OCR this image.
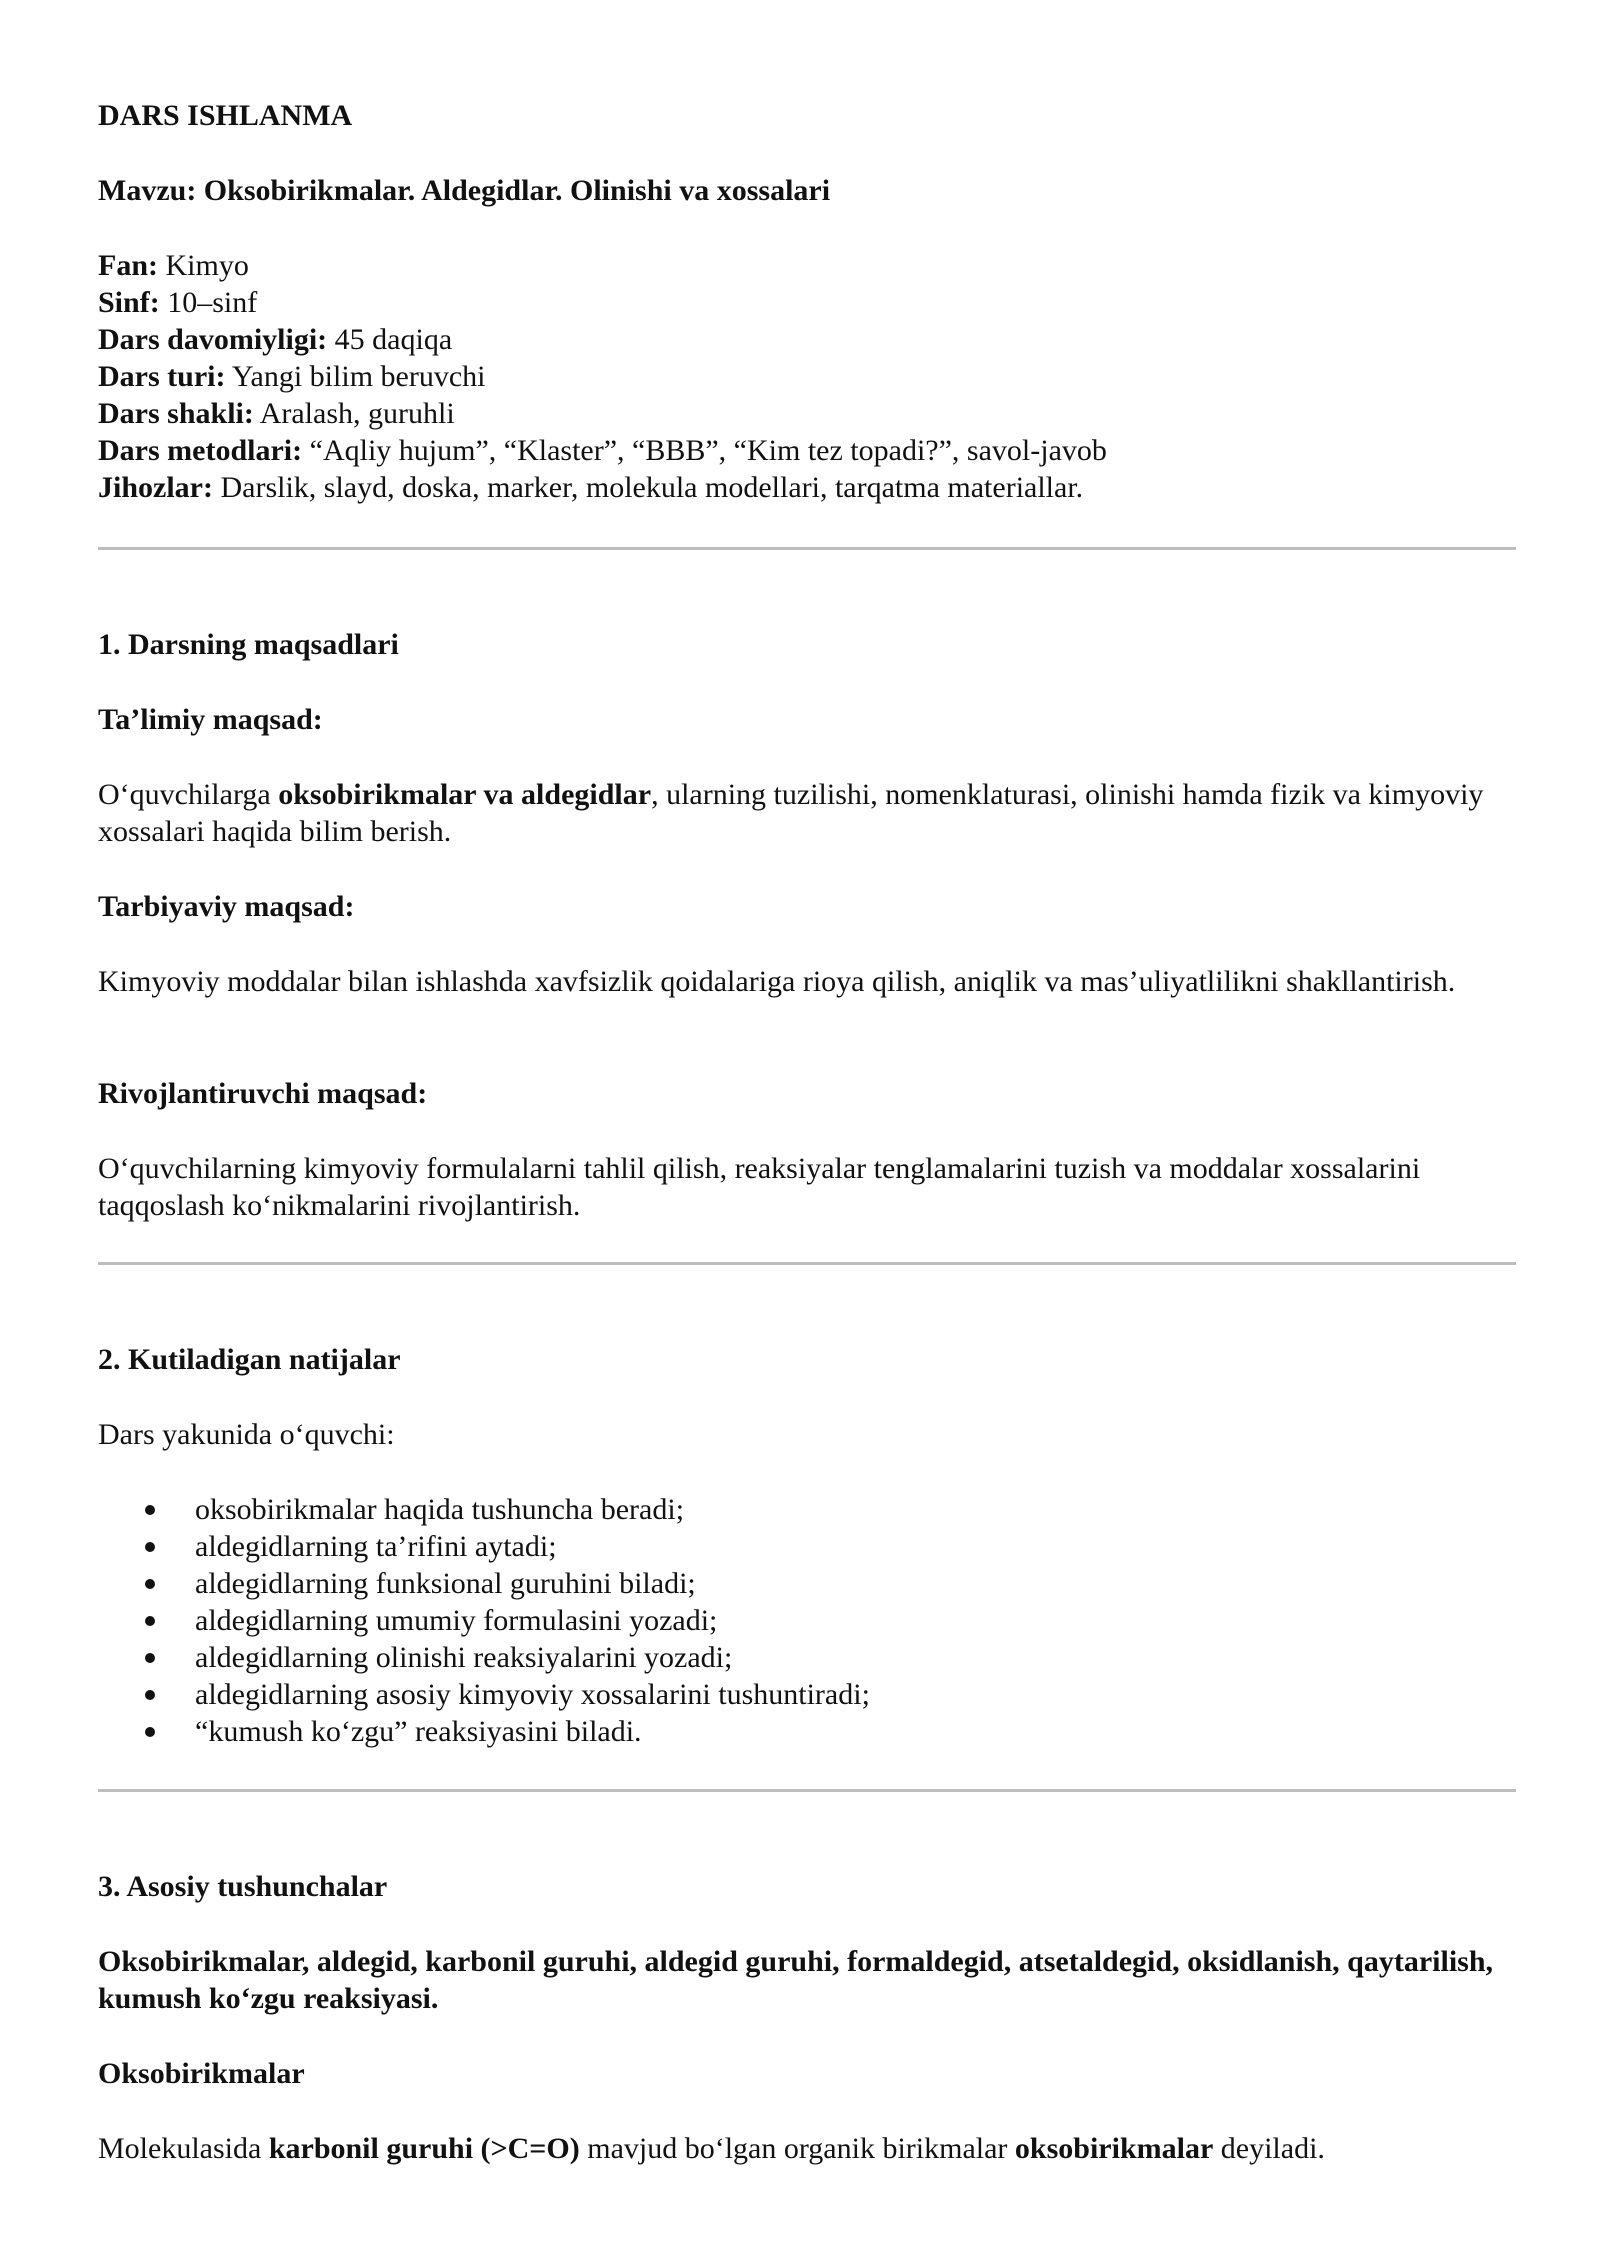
DARS ISHLANMA

Mavzu: Oksobirikmalar. Aldegidlar. Olinishi va xossalari

Fan: Kimyo
Sinf: 10–sinf
Dars davomiyligi: 45 daqiqa
Dars turi: Yangi bilim beruvchi
Dars shakli: Aralash, guruhli
Dars metodlari: “Aqliy hujum”, “Klaster”, “BBB”, “Kim tez topadi?”, savol-javob
Jihozlar: Darslik, slayd, doska, marker, molekula modellari, tarqatma materiallar.

1. Darsning maqsadlari

Ta’limiy maqsad:

O‘quvchilarga oksobirikmalar va aldegidlar, ularning tuzilishi, nomenklaturasi, olinishi hamda fizik va kimyoviy xossalari haqida bilim berish.

Tarbiyaviy maqsad:

Kimyoviy moddalar bilan ishlashda xavfsizlik qoidalariga rioya qilish, aniqlik va mas’uliyatlilikni shakllantirish.

Rivojlantiruvchi maqsad:

O‘quvchilarning kimyoviy formulalarni tahlil qilish, reaksiyalar tenglamalarini tuzish va moddalar xossalarini taqqoslash ko‘nikmalarini rivojlantirish.

2. Kutiladigan natijalar

Dars yakunida o‘quvchi:

oksobirikmalar haqida tushuncha beradi;
aldegidlarning ta’rifini aytadi;
aldegidlarning funksional guruhini biladi;
aldegidlarning umumiy formulasini yozadi;
aldegidlarning olinishi reaksiyalarini yozadi;
aldegidlarning asosiy kimyoviy xossalarini tushuntiradi;
“kumush ko‘zgu” reaksiyasini biladi.

3. Asosiy tushunchalar

Oksobirikmalar, aldegid, karbonil guruhi, aldegid guruhi, formaldegid, atsetaldegid, oksidlanish, qaytarilish, kumush ko‘zgu reaksiyasi.

Oksobirikmalar

Molekulasida karbonil guruhi (>C=O) mavjud bo‘lgan organik birikmalar oksobirikmalar deyiladi.
